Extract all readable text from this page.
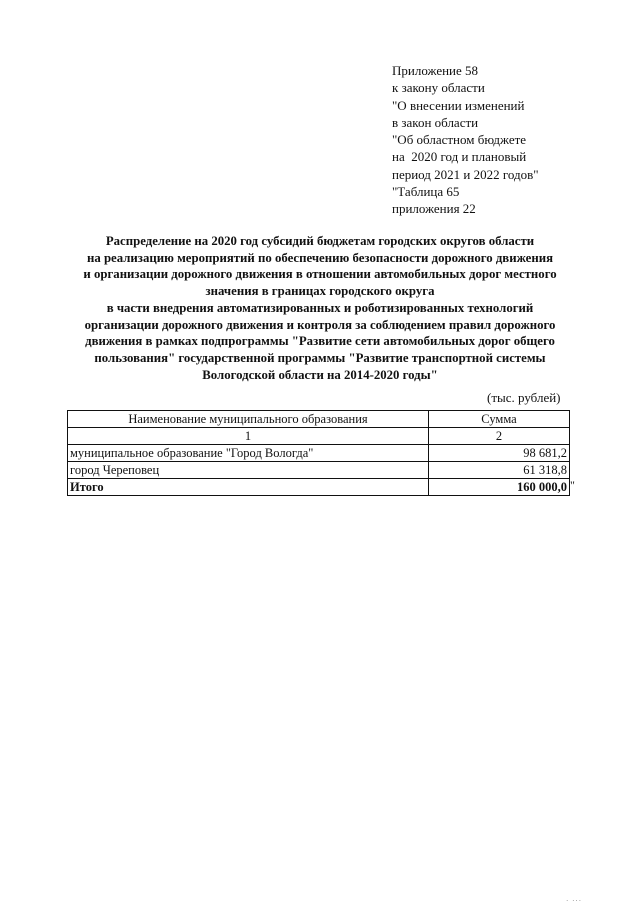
Приложение 58
к закону области
"О внесении изменений
в закон области
"Об областном бюджете
на  2020 год и плановый
период 2021 и 2022 годов"
"Таблица 65
приложения 22
Распределение на 2020 год субсидий бюджетам городских округов области
на реализацию мероприятий по обеспечению безопасности дорожного движения
и организации дорожного движения в отношении автомобильных дорог местного
значения в границах городского округа
в части внедрения автоматизированных и роботизированных технологий
организации дорожного движения и контроля за соблюдением правил дорожного
движения в рамках подпрограммы "Развитие сети автомобильных дорог общего
пользования" государственной программы "Развитие транспортной системы
Вологодской области на 2014-2020 годы"
(тыс. рублей)
Наименование муниципального образования	Сумма
1	2
муниципальное образование "Город Вологда"	98 681,2
город Череповец	61 318,8
Итого	160 000,0 "
· ···
